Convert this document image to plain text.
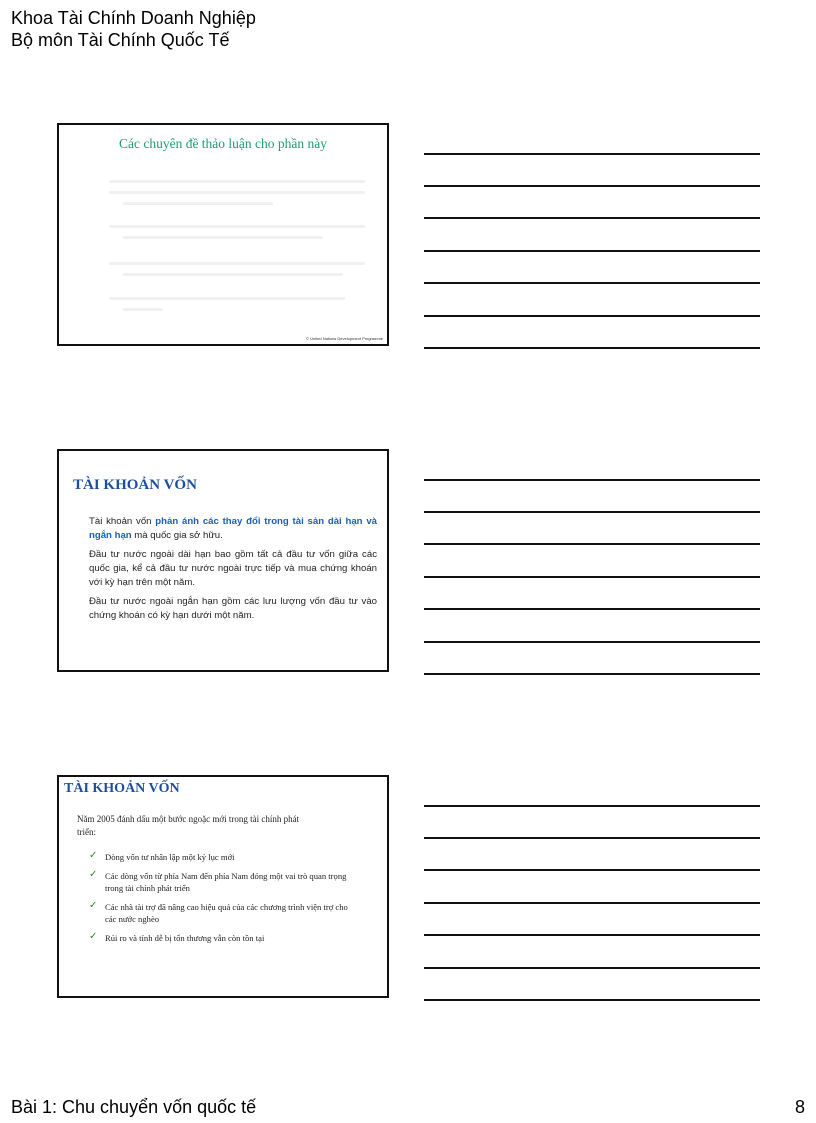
Khoa Tài Chính Doanh Nghiệp
Bộ môn Tài Chính Quốc Tế
Các chuyên đề thảo luận cho phần này
© United Nations Development Programme
TÀI KHOẢN VỐN

Tài khoản vốn phản ánh các thay đổi trong tài sản dài hạn và ngắn hạn mà quốc gia sở hữu.

Đầu tư nước ngoài dài hạn bao gồm tất cả đầu tư vốn giữa các quốc gia, kể cả đầu tư nước ngoài trực tiếp và mua chứng khoán với kỳ hạn trên một năm.

Đầu tư nước ngoài ngắn hạn gồm các lưu lượng vốn đầu tư vào chứng khoán có kỳ hạn dưới một năm.

TÀI KHOẢN VỐN
Năm 2005 đánh dấu một bước ngoặc mới trong tài chính phát triển:
✓ Dòng vốn tư nhân lập một kỷ lục mới
✓ Các dòng vốn từ phía Nam đến phía Nam đóng một vai trò quan trọng trong tài chính phát triển
✓ Các nhà tài trợ đã nâng cao hiệu quả của các chương trình viện trợ cho các nước nghèo
✓ Rủi ro và tính dễ bị tổn thương vẫn còn tồn tại
Bài 1: Chu chuyển vốn quốc tế	8
